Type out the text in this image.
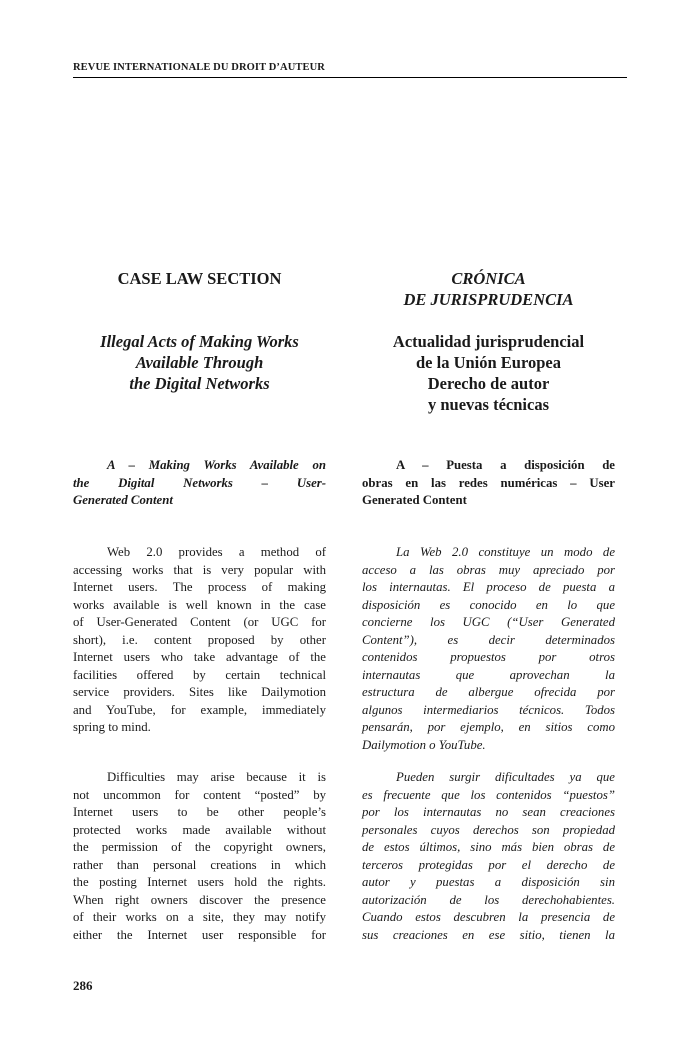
REVUE INTERNATIONALE DU DROIT D’AUTEUR
CASE LAW SECTION
Illegal Acts of Making Works
Available Through
the Digital Networks
A – Making Works Available on
the Digital Networks – User-
Generated Content
Web 2.0 provides a method of
accessing works that is very popular with
Internet users. The process of making
works available is well known in the case
of User-Generated Content (or UGC for
short), i.e. content proposed by other
Internet users who take advantage of the
facilities offered by certain technical
service providers. Sites like Dailymotion
and YouTube, for example, immediately
spring to mind.
Difficulties may arise because it is
not uncommon for content “posted” by
Internet users to be other people’s
protected works made available without
the permission of the copyright owners,
rather than personal creations in which
the posting Internet users hold the rights.
When right owners discover the presence
of their works on a site, they may notify
either the Internet user responsible for
CRÓNICA
DE JURISPRUDENCIA
Actualidad jurisprudencial
de la Unión Europea
Derecho de autor
y nuevas técnicas
A – Puesta a disposición de
obras en las redes numéricas – User
Generated Content
La Web 2.0 constituye un modo de
acceso a las obras muy apreciado por
los internautas. El proceso de puesta a
disposición es conocido en lo que
concierne los UGC (“User Generated
Content”), es decir determinados
contenidos propuestos por otros
internautas que aprovechan la
estructura de albergue ofrecida por
algunos intermediarios técnicos. Todos
pensarán, por ejemplo, en sitios como
Dailymotion o YouTube.
Pueden surgir dificultades ya que
es frecuente que los contenidos “puestos”
por los internautas no sean creaciones
personales cuyos derechos son propiedad
de estos últimos, sino más bien obras de
terceros protegidas por el derecho de
autor y puestas a disposición sin
autorización de los derechohabientes.
Cuando estos descubren la presencia de
sus creaciones en ese sitio, tienen la
286
